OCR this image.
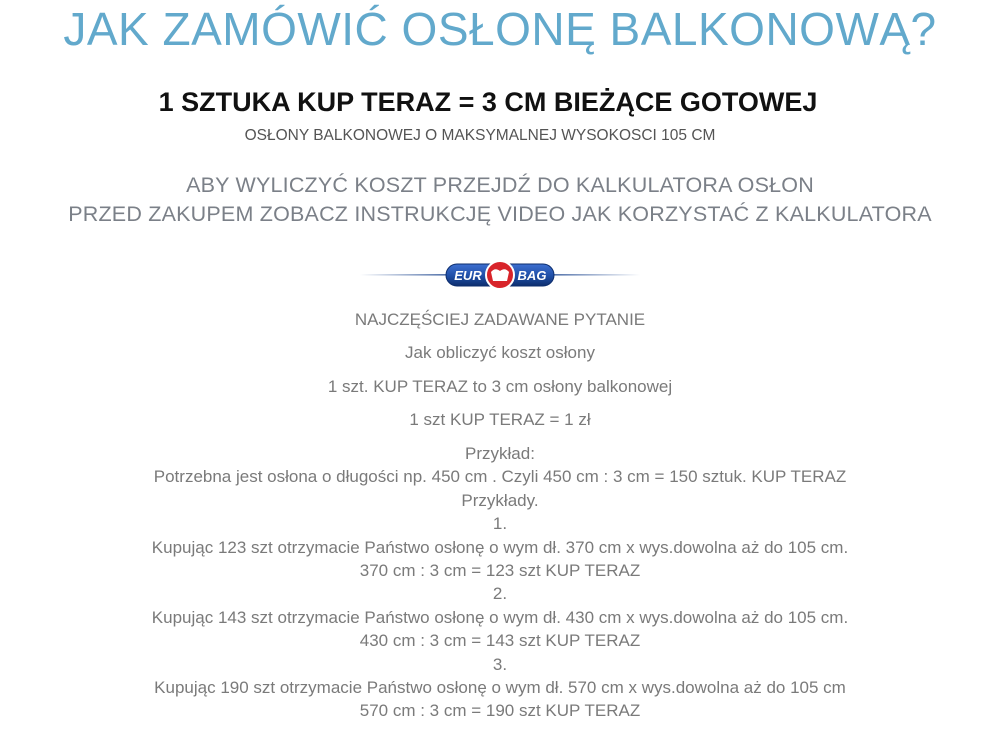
JAK ZAMÓWIĆ OSŁONĘ BALKONOWĄ?
1 SZTUKA KUP TERAZ = 3 CM BIEŻĄCE GOTOWEJ
OSŁONY BALKONOWEJ O MAKSYMALNEJ WYSOKOSCI 105 CM
ABY WYLICZYĆ KOSZT PRZEJDŹ DO KALKULATORA OSŁON
PRZED ZAKUPEM ZOBACZ INSTRUKCJĘ VIDEO JAK KORZYSTAĆ Z KALKULATORA
EUR	BAG
NAJCZĘŚCIEJ ZADAWANE PYTANIE
Jak obliczyć koszt osłony
1 szt. KUP TERAZ to 3 cm osłony balkonowej
1 szt KUP TERAZ = 1 zł
Przykład:
Potrzebna jest osłona o długości np. 450 cm . Czyli 450 cm : 3 cm = 150 sztuk. KUP TERAZ
Przykłady.
1.
Kupując 123 szt otrzymacie Państwo osłonę o wym dł. 370 cm x wys.dowolna aż do 105 cm.
370 cm : 3 cm = 123 szt KUP TERAZ
2.
Kupując 143 szt otrzymacie Państwo osłonę o wym dł. 430 cm x wys.dowolna aż do 105 cm.
430 cm : 3 cm = 143 szt KUP TERAZ
3.
Kupując 190 szt otrzymacie Państwo osłonę o wym dł. 570 cm x wys.dowolna aż do 105 cm
570 cm : 3 cm = 190 szt KUP TERAZ
